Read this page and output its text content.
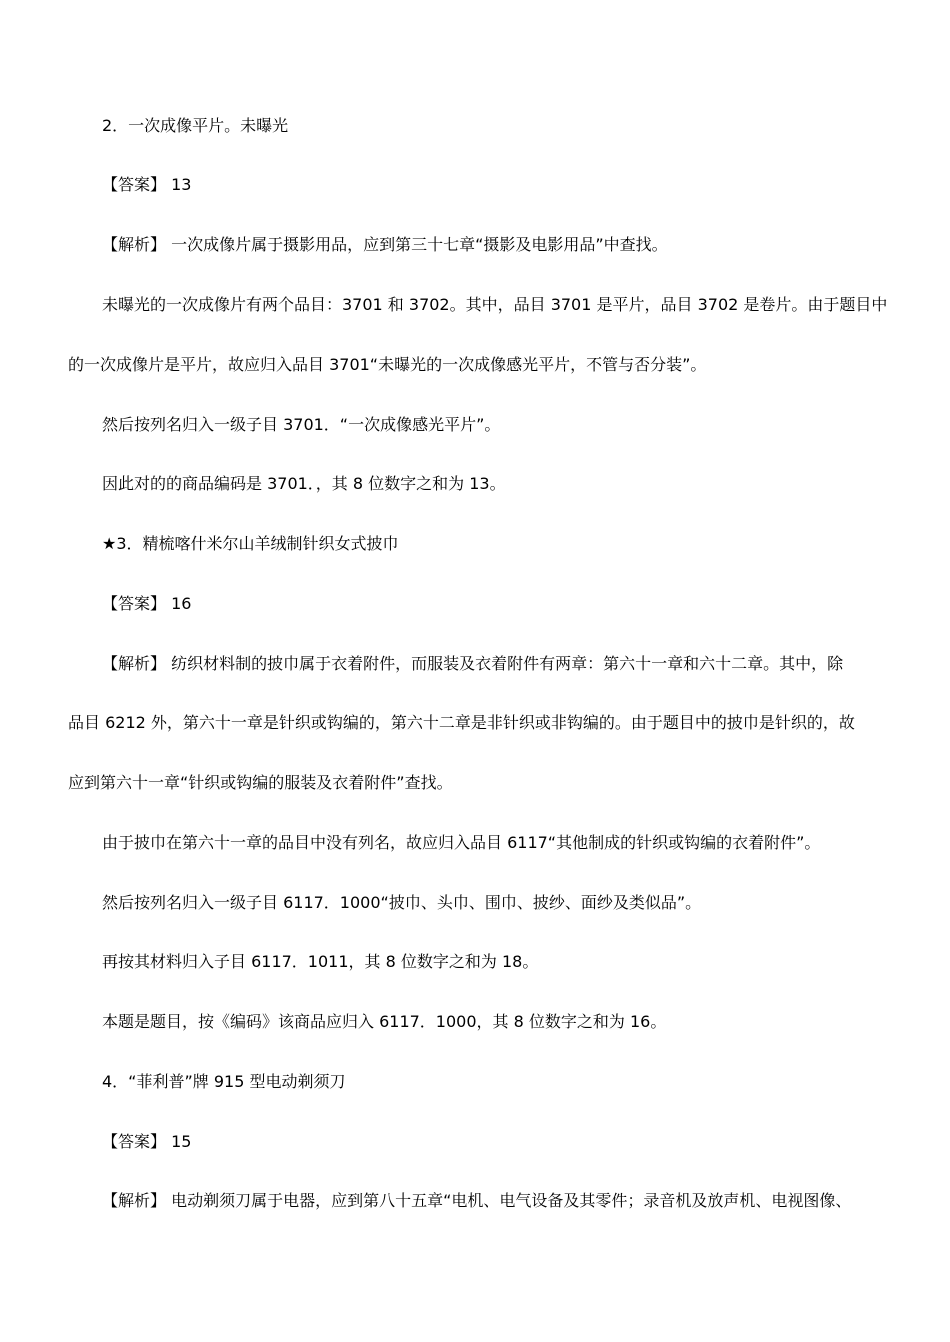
2．一次成像平片。未曝光
【答案】 13
【解析】 一次成像片属于摄影用品，应到第三十七章“摄影及电影用品”中查找。
未曝光的一次成像片有两个品目：3701 和 3702。其中，品目 3701 是平片，品目 3702 是卷片。由于题目中
的一次成像片是平片，故应归入品目 3701“未曝光的一次成像感光平片，不管与否分装”。
然后按列名归入一级子目 3701．“一次成像感光平片”。
因此对的的商品编码是 3701．，其 8 位数字之和为 13。
★3．精梳喀什米尔山羊绒制针织女式披巾
【答案】 16
【解析】 纺织材料制的披巾属于衣着附件，而服装及衣着附件有两章：第六十一章和六十二章。其中，除
品目 6212 外，第六十一章是针织或钩编的，第六十二章是非针织或非钩编的。由于题目中的披巾是针织的，故
应到第六十一章“针织或钩编的服装及衣着附件”查找。
由于披巾在第六十一章的品目中没有列名，故应归入品目 6117“其他制成的针织或钩编的衣着附件”。
然后按列名归入一级子目 6117．1000“披巾、头巾、围巾、披纱、面纱及类似品”。
再按其材料归入子目 6117．1011，其 8 位数字之和为 18。
本题是题目，按《编码》该商品应归入 6117．1000，其 8 位数字之和为 16。
4．“菲利普”牌 915 型电动剃须刀
【答案】 15
【解析】 电动剃须刀属于电器，应到第八十五章“电机、电气设备及其零件；录音机及放声机、电视图像、
